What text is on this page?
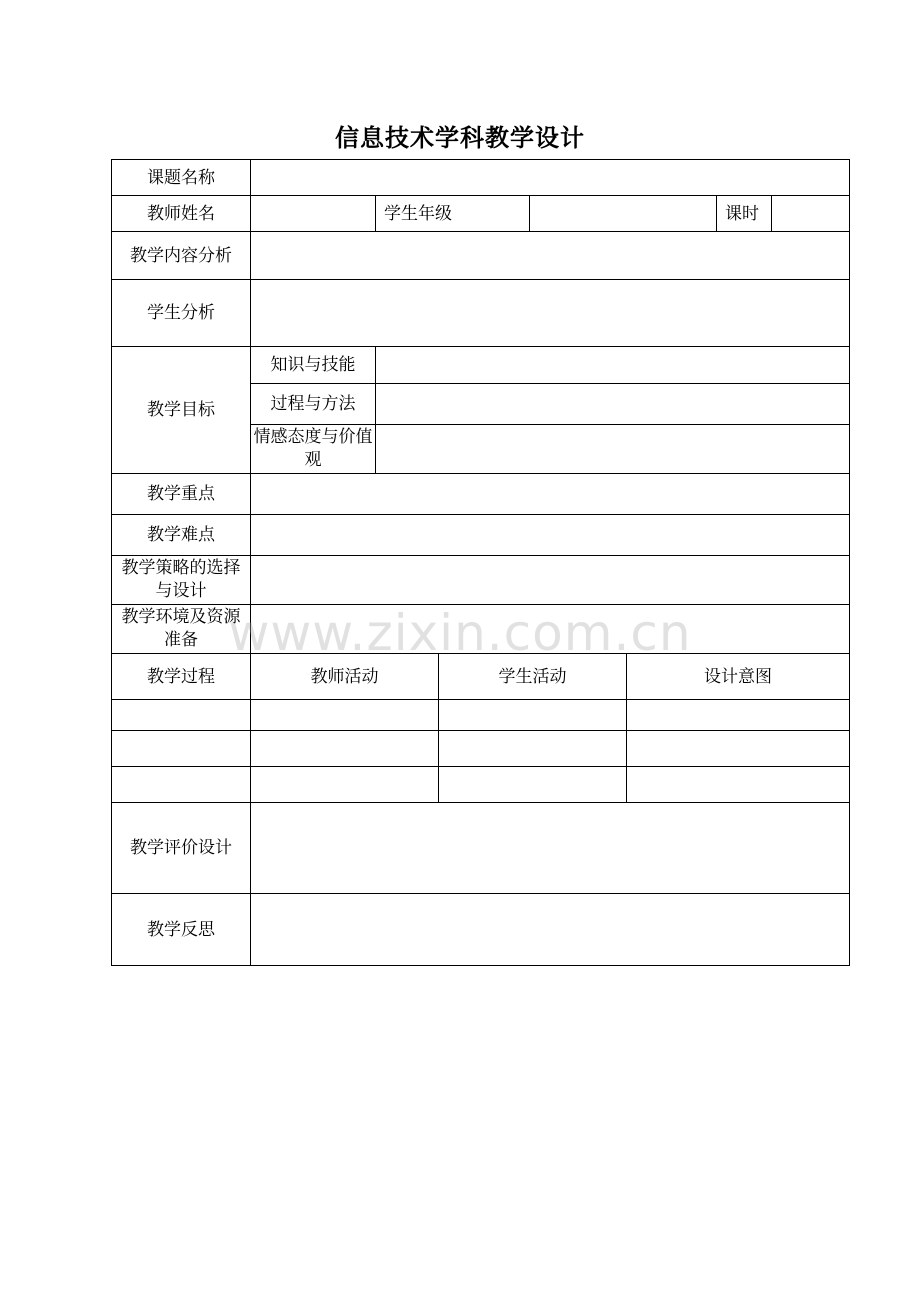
信息技术学科教学设计
课题名称							
教师姓名		学生年级				课时	
教学内容分析							
学生分析							
教学目标	知识与技能						
	过程与方法						
	情感态度与价值观						
教学重点							
教学难点							
教学策略的选择与设计							
教学环境及资源准备							
教学过程	教师活动		学生活动		设计意图		

教学评价设计							
教学反思							
www.zixin.com.cn
